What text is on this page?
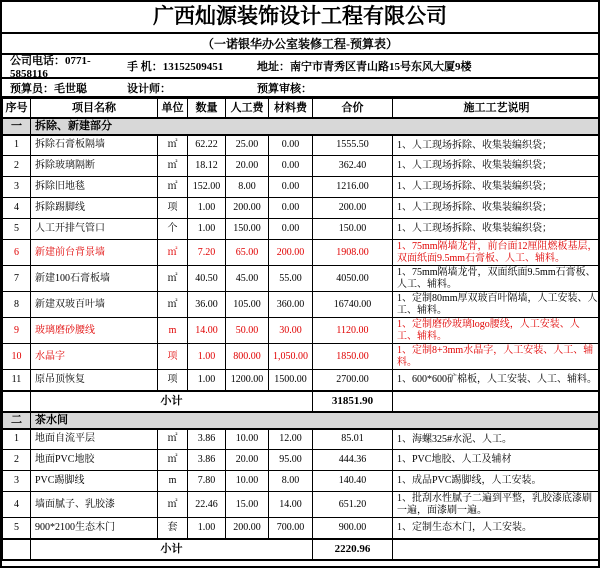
广西灿源装饰设计工程有限公司
（一诺银华办公室装修工程-预算表）
公司电话：0771-5858116
手 机：13152509451	地址：南宁市青秀区青山路15号东风大厦9楼
预算员：毛世聪	设计师：	预算审核：
序号	项目名称	单位	数量	人工费	材料费	合价	施工工艺说明
一	拆除、新建部分						
1	拆除石膏板隔墙	㎡	62.22	25.00	0.00	1555.50	1、人工现场拆除、收集装编织袋；
2	拆除玻璃隔断	㎡	18.12	20.00	0.00	362.40	1、人工现场拆除、收集装编织袋；
3	拆除旧地毯	㎡	152.00	8.00	0.00	1216.00	1、人工现场拆除、收集装编织袋；
4	拆除踢脚线	项	1.00	200.00	0.00	200.00	1、人工现场拆除、收集装编织袋；
5	人工开排气管口	个	1.00	150.00	0.00	150.00	1、人工现场拆除、收集装编织袋；
6	新建前台背景墙	㎡	7.20	65.00	200.00	1908.00	1、75mm隔墙龙骨，前台面12厘阻燃板基层，双面纸面9.5mm石膏板、人工、辅料。
7	新建100石膏板墙	㎡	40.50	45.00	55.00	4050.00	1、75mm隔墙龙骨，双面纸面9.5mm石膏板、人工、辅料。
8	新建双玻百叶墙	㎡	36.00	105.00	360.00	16740.00	1、定制80mm厚双玻百叶隔墙，人工安装、人工、辅料。
9	玻璃磨砂腰线	m	14.00	50.00	30.00	1120.00	1、定制磨砂玻璃logo腰线，人工安装、人工、辅料。
10	水晶字	项	1.00	800.00	1,050.00	1850.00	1、定制8+3mm水晶字，人工安装、人工、辅料。
11	原吊顶恢复	项	1.00	1200.00	1500.00	2700.00	1、600*600矿棉板，人工安装、人工、辅料。
	小计					31851.90	
二	茶水间						
1	地面自流平层	㎡	3.86	10.00	12.00	85.01	1、海螺325#水泥、人工。
2	地面PVC地胶	㎡	3.86	20.00	95.00	444.36	1、PVC地胶、人工及辅材
3	PVC踢脚线	m	7.80	10.00	8.00	140.40	1、成品PVC踢脚线，人工安装。
4	墙面腻子、乳胶漆	㎡	22.46	15.00	14.00	651.20	1、批刮水性腻子二遍到平整，乳胶漆底漆刷一遍，面漆刷一遍。
5	900*2100生态木门	套	1.00	200.00	700.00	900.00	1、定制生态木门，人工安装。
	小计					2220.96	
